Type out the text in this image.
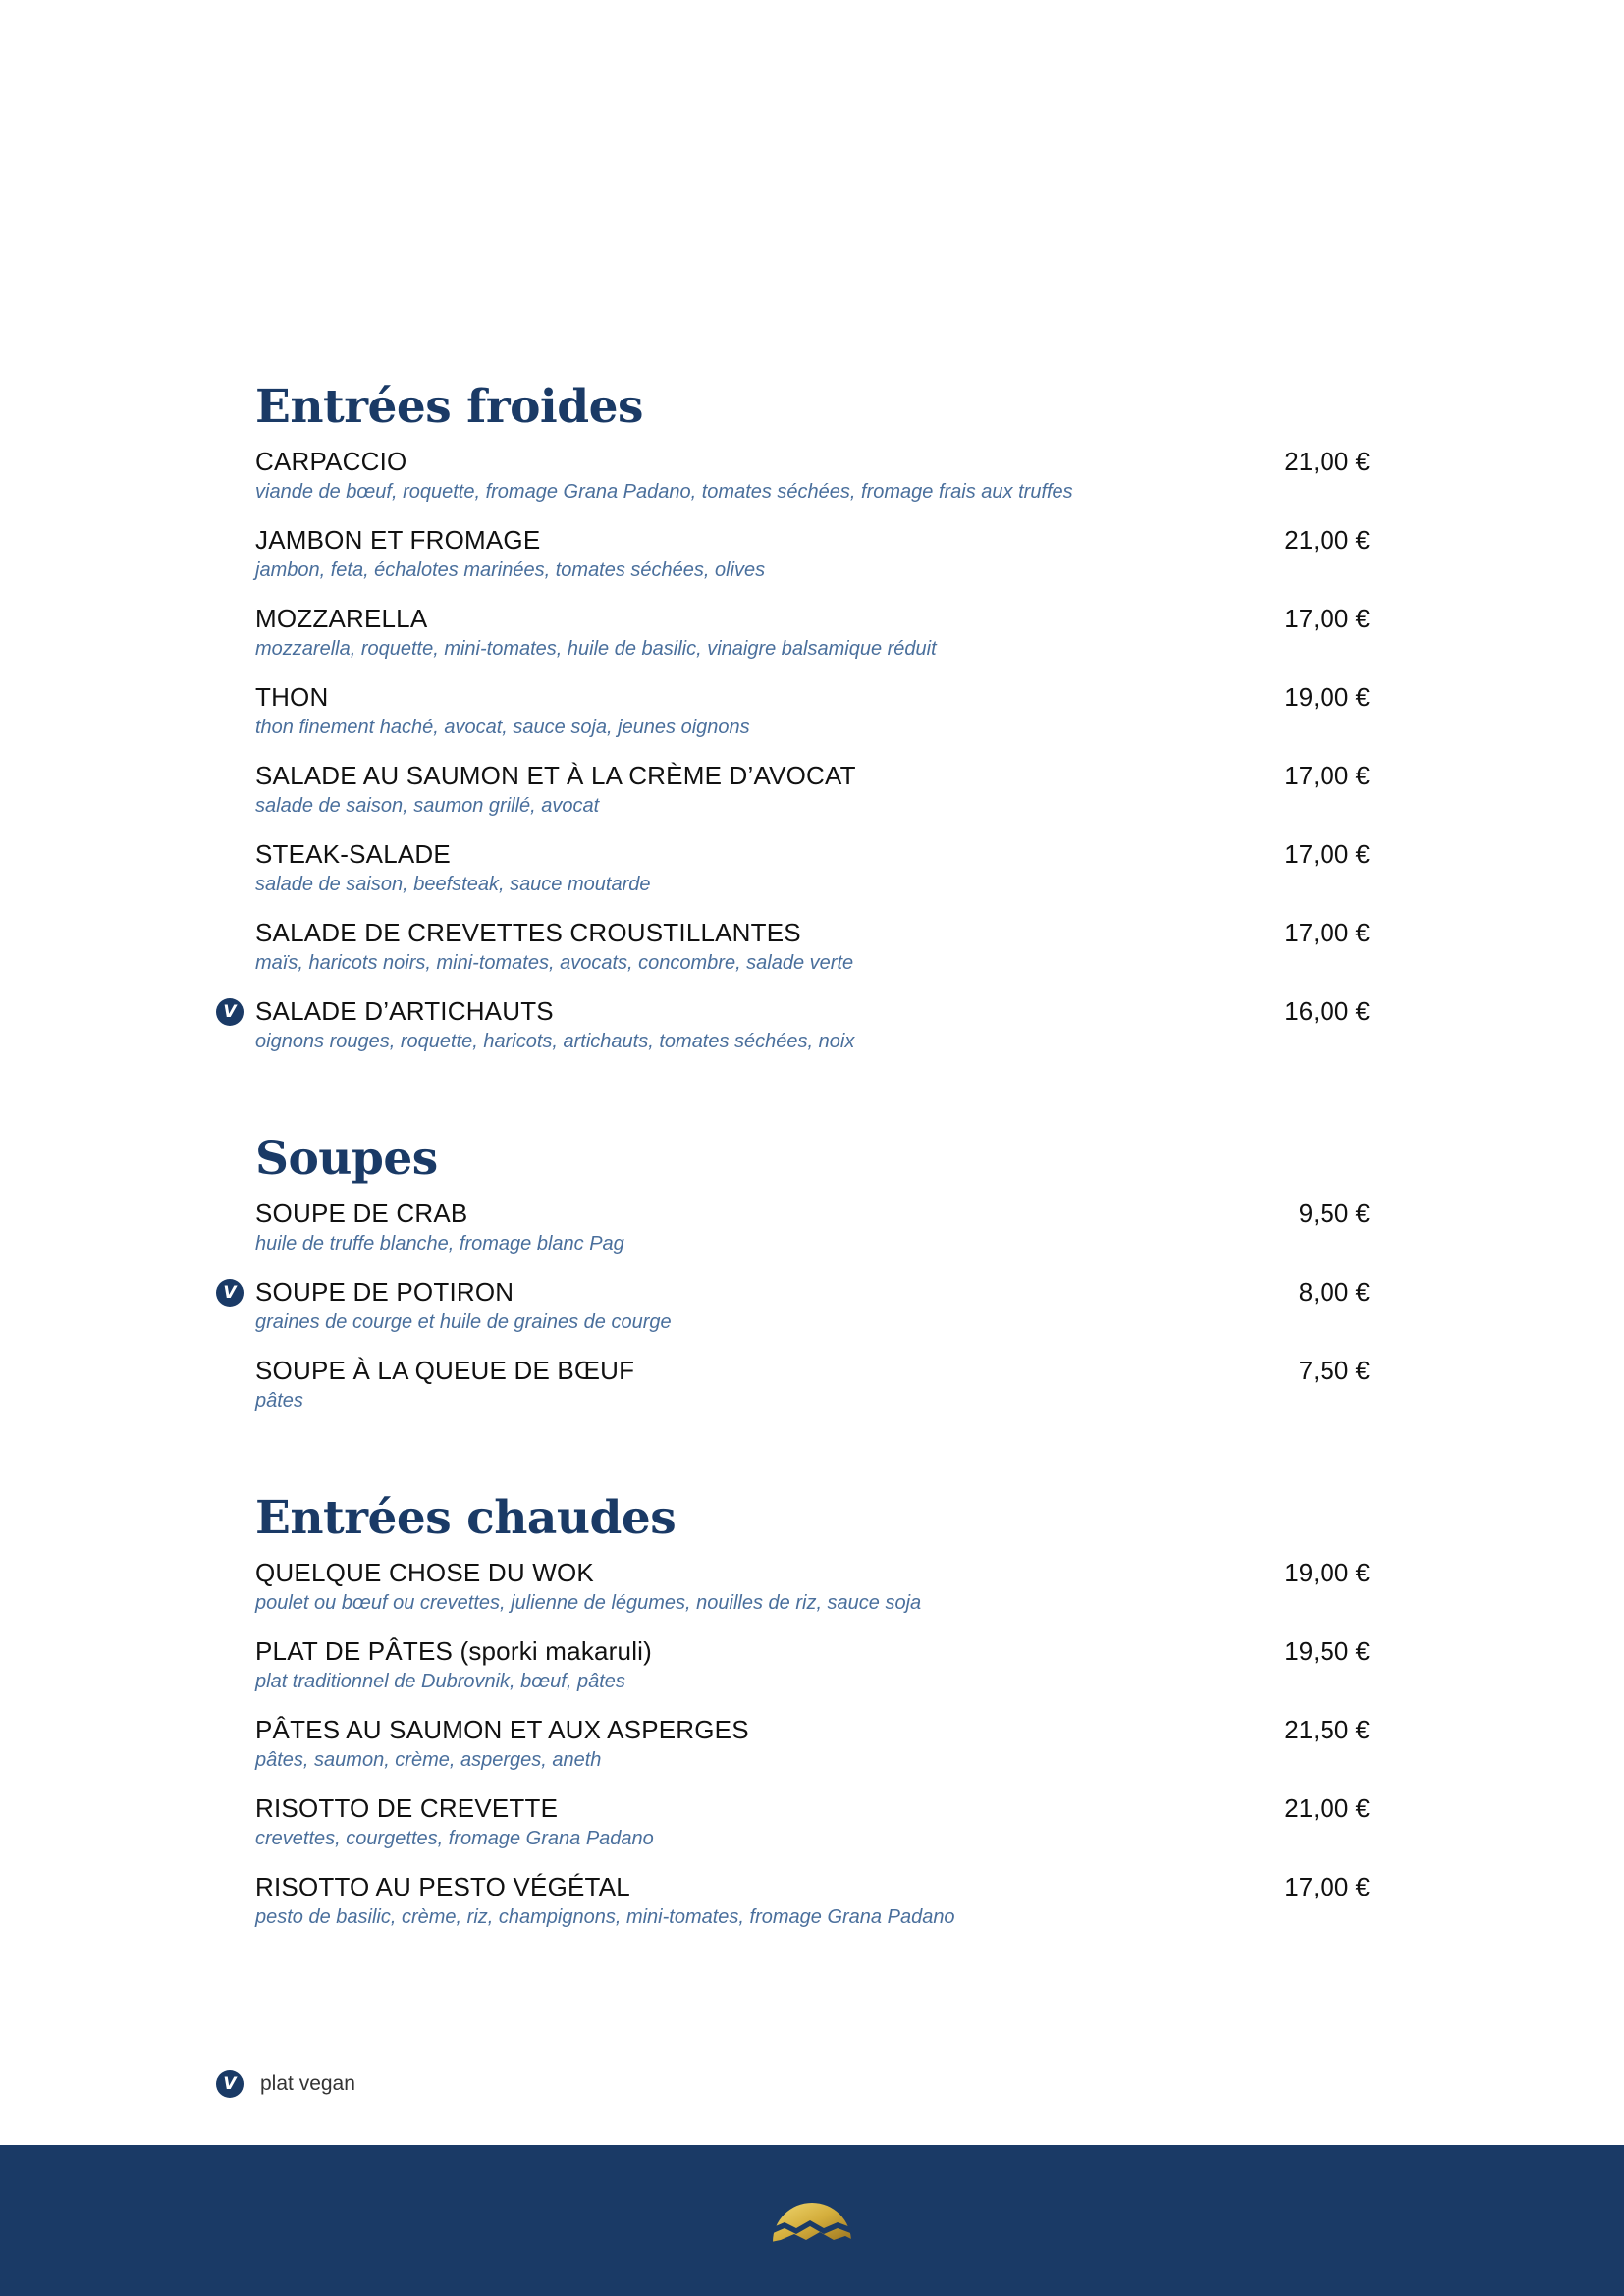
Entrées froides
CARPACCIO	21,00 €
viande de bœuf, roquette, fromage Grana Padano, tomates séchées, fromage frais aux truffes
JAMBON ET FROMAGE	21,00 €
jambon, feta, échalotes marinées, tomates séchées, olives
MOZZARELLA	17,00 €
mozzarella, roquette, mini-tomates, huile de basilic, vinaigre balsamique réduit
THON	19,00 €
thon finement haché, avocat, sauce soja, jeunes oignons
SALADE AU SAUMON ET À LA CRÈME D’AVOCAT	17,00 €
salade de saison, saumon grillé, avocat
STEAK-SALADE	17,00 €
salade de saison, beefsteak, sauce moutarde
SALADE DE CREVETTES CROUSTILLANTES	17,00 €
maïs, haricots noirs, mini-tomates, avocats, concombre, salade verte
V SALADE D’ARTICHAUTS	16,00 €
oignons rouges, roquette, haricots, artichauts, tomates séchées, noix
Soupes
SOUPE DE CRAB	9,50 €
huile de truffe blanche, fromage blanc Pag
V SOUPE DE POTIRON	8,00 €
graines de courge et huile de graines de courge
SOUPE À LA QUEUE DE BŒUF	7,50 €
pâtes
Entrées chaudes
QUELQUE CHOSE DU WOK	19,00 €
poulet ou bœuf ou crevettes, julienne de légumes, nouilles de riz, sauce soja
PLAT DE PÂTES (sporki makaruli)	19,50 €
plat traditionnel de Dubrovnik, bœuf, pâtes
PÂTES AU SAUMON ET AUX ASPERGES	21,50 €
pâtes, saumon, crème, asperges, aneth
RISOTTO DE CREVETTE	21,00 €
crevettes, courgettes, fromage Grana Padano
RISOTTO AU PESTO VÉGÉTAL	17,00 €
pesto de basilic, crème, riz, champignons, mini-tomates, fromage Grana Padano
V	plat vegan
